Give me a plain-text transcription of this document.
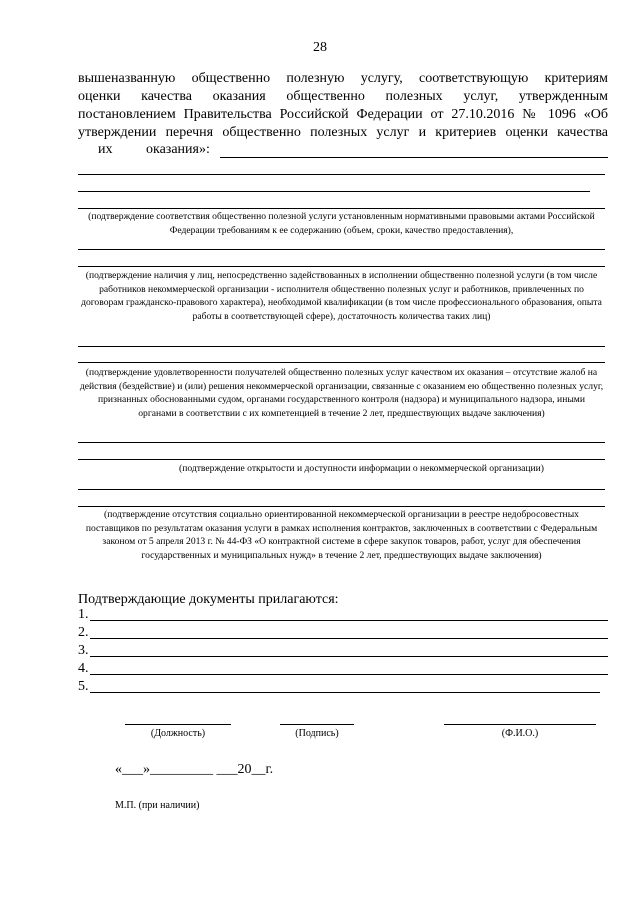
28

вышеназванную общественно полезную услугу, соответствующую критериям

оценки качества оказания общественно полезных услуг, утвержденным

постановлением Правительства Российской Федерации от 27.10.2016 № 1096 «Об

утверждении перечня общественно полезных услуг и критериев оценки качества

их оказания»:
(подтверждение соответствия общественно полезной услуги установленным нормативными правовыми актами Российской Федерации требованиям к ее содержанию (объем, сроки, качество предоставления),
(подтверждение наличия у лиц, непосредственно задействованных в исполнении общественно полезной услуги (в том числе работников некоммерческой организации - исполнителя общественно полезных услуг и работников, привлеченных по договорам гражданско-правового характера), необходимой квалификации (в том числе профессионального образования, опыта работы в соответствующей сфере), достаточность количества таких лиц)
(подтверждение удовлетворенности получателей общественно полезных услуг качеством их оказания – отсутствие жалоб на действия (бездействие) и (или) решения некоммерческой организации, связанные с оказанием ею общественно полезных услуг, признанных обоснованными судом, органами государственного контроля (надзора) и муниципального надзора, иными органами в соответствии с их компетенцией в течение 2 лет, предшествующих выдаче заключения)
(подтверждение открытости и доступности информации о некоммерческой организации)
(подтверждение отсутствия социально ориентированной некоммерческой организации в реестре недобросовестных поставщиков по результатам оказания услуги в рамках исполнения контрактов, заключенных в соответствии с Федеральным законом от 5 апреля 2013 г. № 44-ФЗ «О контрактной системе в сфере закупок товаров, работ, услуг для обеспечения государственных и муниципальных нужд» в течение 2 лет, предшествующих выдаче заключения)
Подтверждающие документы прилагаются:
1.
2.
3.
4.
5.
(Должность)	(Подпись)	(Ф.И.О.)
«___»_________ ___20__г.
М.П. (при наличии)
